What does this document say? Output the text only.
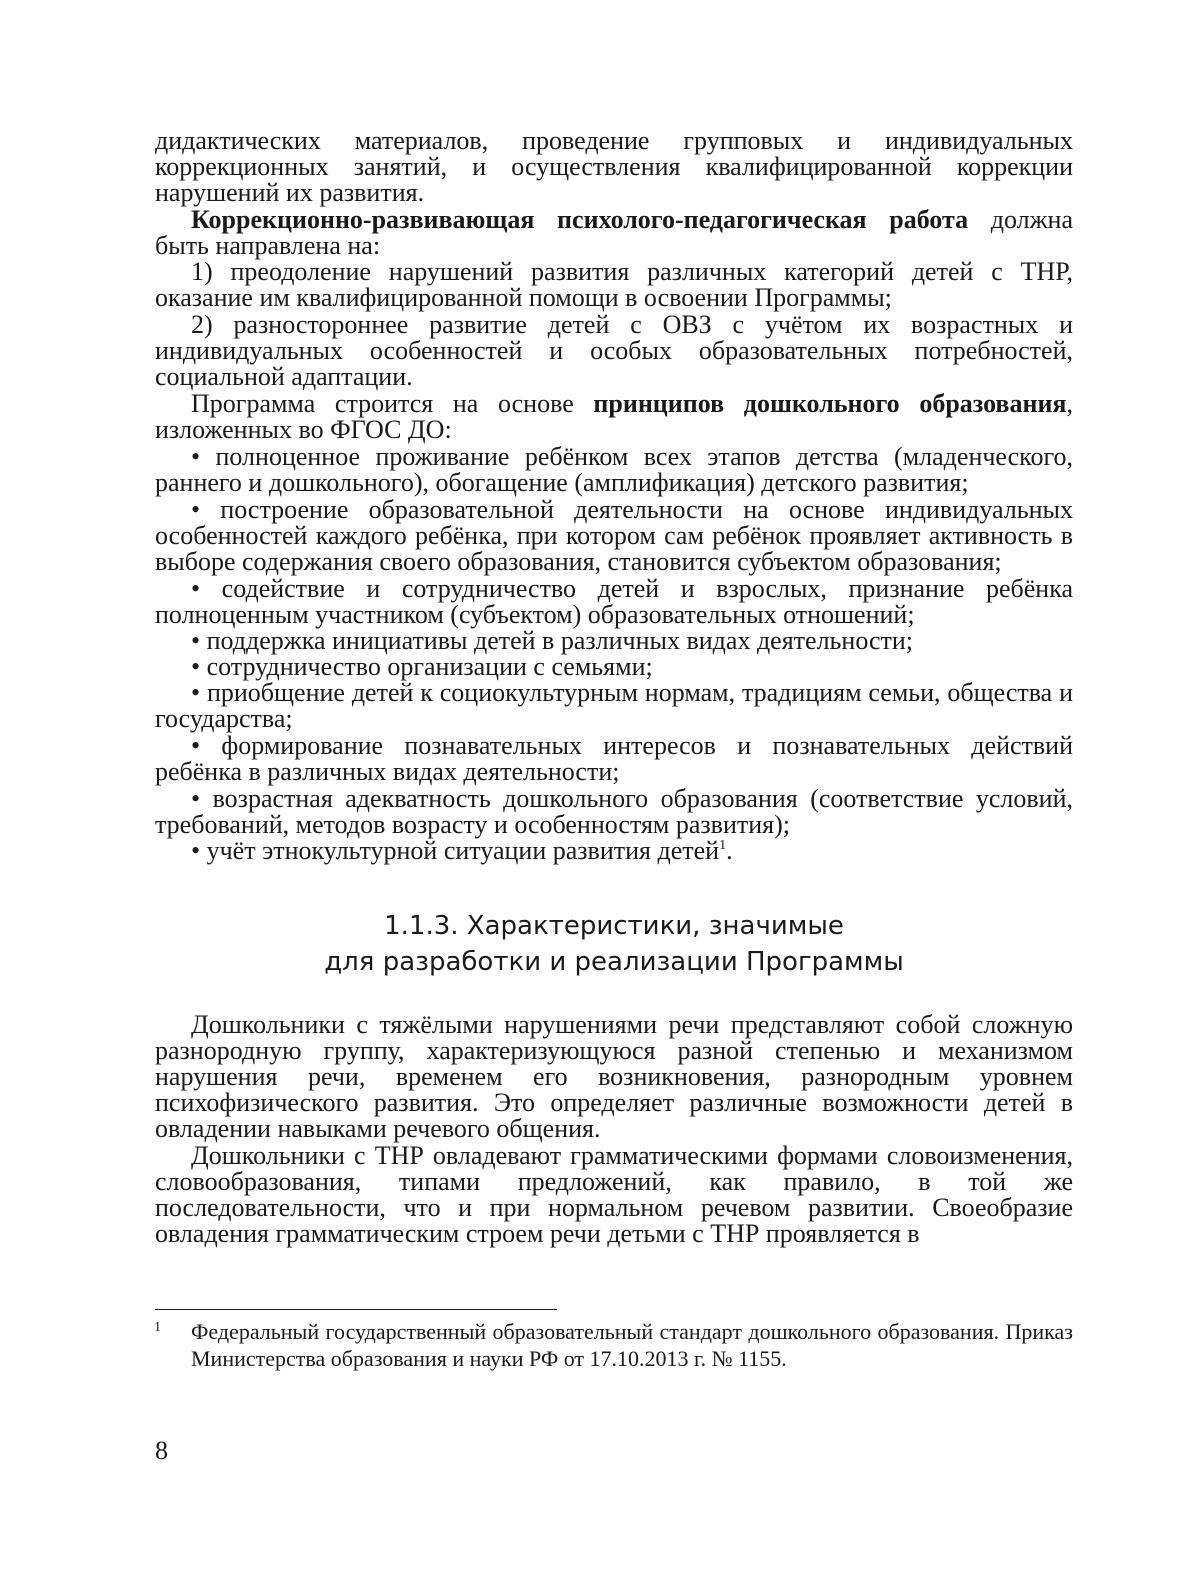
дидактических материалов, проведение групповых и индивидуальных коррекционных занятий, и осуществления квалифицированной коррекции нарушений их развития.

Коррекционно-развивающая психолого-педагогическая работа должна быть направлена на:

1) преодоление нарушений развития различных категорий детей с ТНР, оказание им квалифицированной помощи в освоении Программы;

2) разностороннее развитие детей с ОВЗ с учётом их возрастных и индивидуальных особенностей и особых образовательных потребностей, социальной адаптации.

Программа строится на основе принципов дошкольного образования, изложенных во ФГОС ДО:

• полноценное проживание ребёнком всех этапов детства (младенческого, раннего и дошкольного), обогащение (амплификация) детского развития;

• построение образовательной деятельности на основе индивидуальных особенностей каждого ребёнка, при котором сам ребёнок проявляет активность в выборе содержания своего образования, становится субъектом образования;

• содействие и сотрудничество детей и взрослых, признание ребёнка полноценным участником (субъектом) образовательных отношений;

• поддержка инициативы детей в различных видах деятельности;

• сотрудничество организации с семьями;

• приобщение детей к социокультурным нормам, традициям семьи, общества и государства;

• формирование познавательных интересов и познавательных действий ребёнка в различных видах деятельности;

• возрастная адекватность дошкольного образования (соответствие условий, требований, методов возрасту и особенностям развития);

• учёт этнокультурной ситуации развития детей$^1$.

1.1.3. Характеристики, значимые
для разработки и реализации Программы

Дошкольники с тяжёлыми нарушениями речи представляют собой сложную разнородную группу, характеризующуюся разной степенью и механизмом нарушения речи, временем его возникновения, разнородным уровнем психофизического развития. Это определяет различные возможности детей в овладении навыками речевого общения.

Дошкольники с ТНР овладевают грамматическими формами словоизменения, словообразования, типами предложений, как правило, в той же последовательности, что и при нормальном речевом развитии. Своеобразие овладения грамматическим строем речи детьми с ТНР проявляется в

1 Федеральный государственный образовательный стандарт дошкольного образования. Приказ Министерства образования и науки РФ от 17.10.2013 г. № 1155.

8
